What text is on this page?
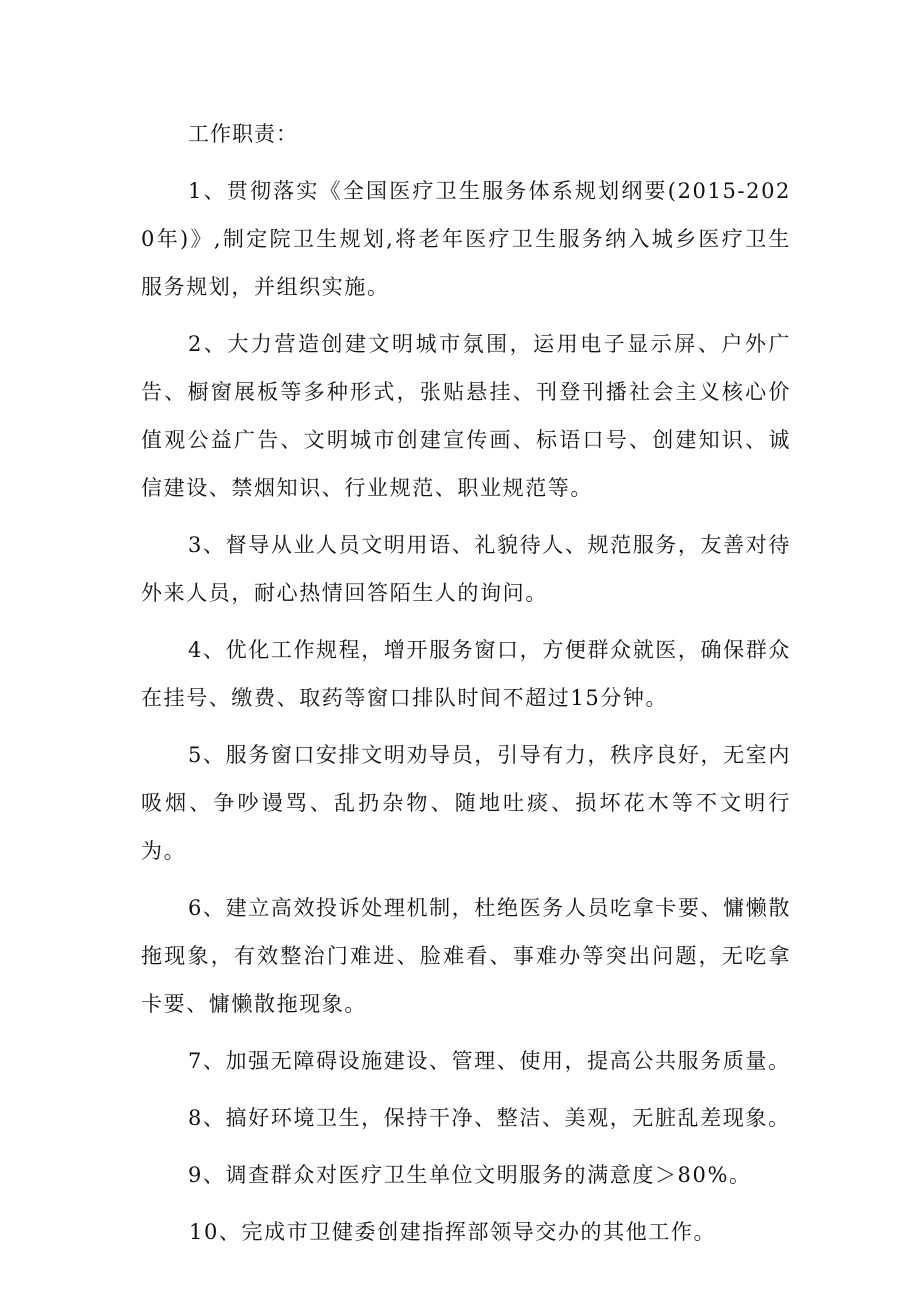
工作职责：

1、贯彻落实《全国医疗卫生服务体系规划纲要(2015-2020年)》,制定院卫生规划,将老年医疗卫生服务纳入城乡医疗卫生服务规划，并组织实施。

2、大力营造创建文明城市氛围，运用电子显示屏、户外广告、橱窗展板等多种形式，张贴悬挂、刊登刊播社会主义核心价值观公益广告、文明城市创建宣传画、标语口号、创建知识、诚信建设、禁烟知识、行业规范、职业规范等。

3、督导从业人员文明用语、礼貌待人、规范服务，友善对待外来人员，耐心热情回答陌生人的询问。

4、优化工作规程，增开服务窗口，方便群众就医，确保群众在挂号、缴费、取药等窗口排队时间不超过15分钟。

5、服务窗口安排文明劝导员，引导有力，秩序良好，无室内吸烟、争吵谩骂、乱扔杂物、随地吐痰、损坏花木等不文明行为。

6、建立高效投诉处理机制，杜绝医务人员吃拿卡要、慵懒散拖现象，有效整治门难进、脸难看、事难办等突出问题，无吃拿卡要、慵懒散拖现象。

7、加强无障碍设施建设、管理、使用，提高公共服务质量。

8、搞好环境卫生，保持干净、整洁、美观，无脏乱差现象。

9、调查群众对医疗卫生单位文明服务的满意度＞80%。

10、完成市卫健委创建指挥部领导交办的其他工作。
